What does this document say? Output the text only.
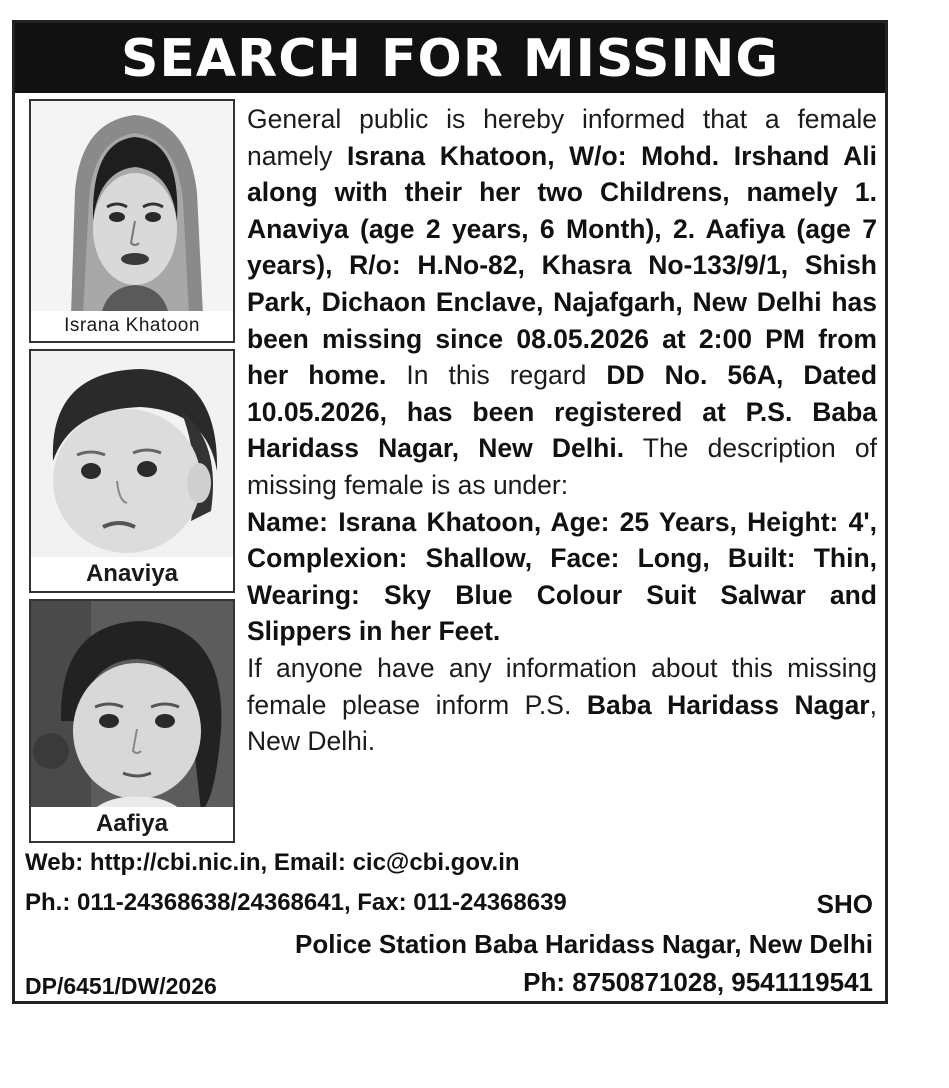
SEARCH FOR MISSING
Israna Khatoon
Anaviya
Aafiya
General public is hereby informed that a female namely Israna Khatoon, W/o: Mohd. Irshand Ali along with their her two Childrens, namely 1. Anaviya (age 2 years, 6 Month), 2. Aafiya (age 7 years), R/o: H.No-82, Khasra No-133/9/1, Shish Park, Dichaon Enclave, Najafgarh, New Delhi has been missing since 08.05.2026 at 2:00 PM from her home. In this regard DD No. 56A, Dated 10.05.2026, has been registered at P.S. Baba Haridass Nagar, New Delhi. The description of missing female is as under:
Name: Israna Khatoon, Age: 25 Years, Height: 4', Complexion: Shallow, Face: Long, Built: Thin, Wearing: Sky Blue Colour Suit Salwar and Slippers in her Feet.
If anyone have any information about this missing female please inform P.S. Baba Haridass Nagar, New Delhi.
Web: http://cbi.nic.in, Email: cic@cbi.gov.in
Ph.: 011-24368638/24368641, Fax: 011-24368639	SHO
Police Station Baba Haridass Nagar, New Delhi
DP/6451/DW/2026	Ph: 8750871028, 9541119541
